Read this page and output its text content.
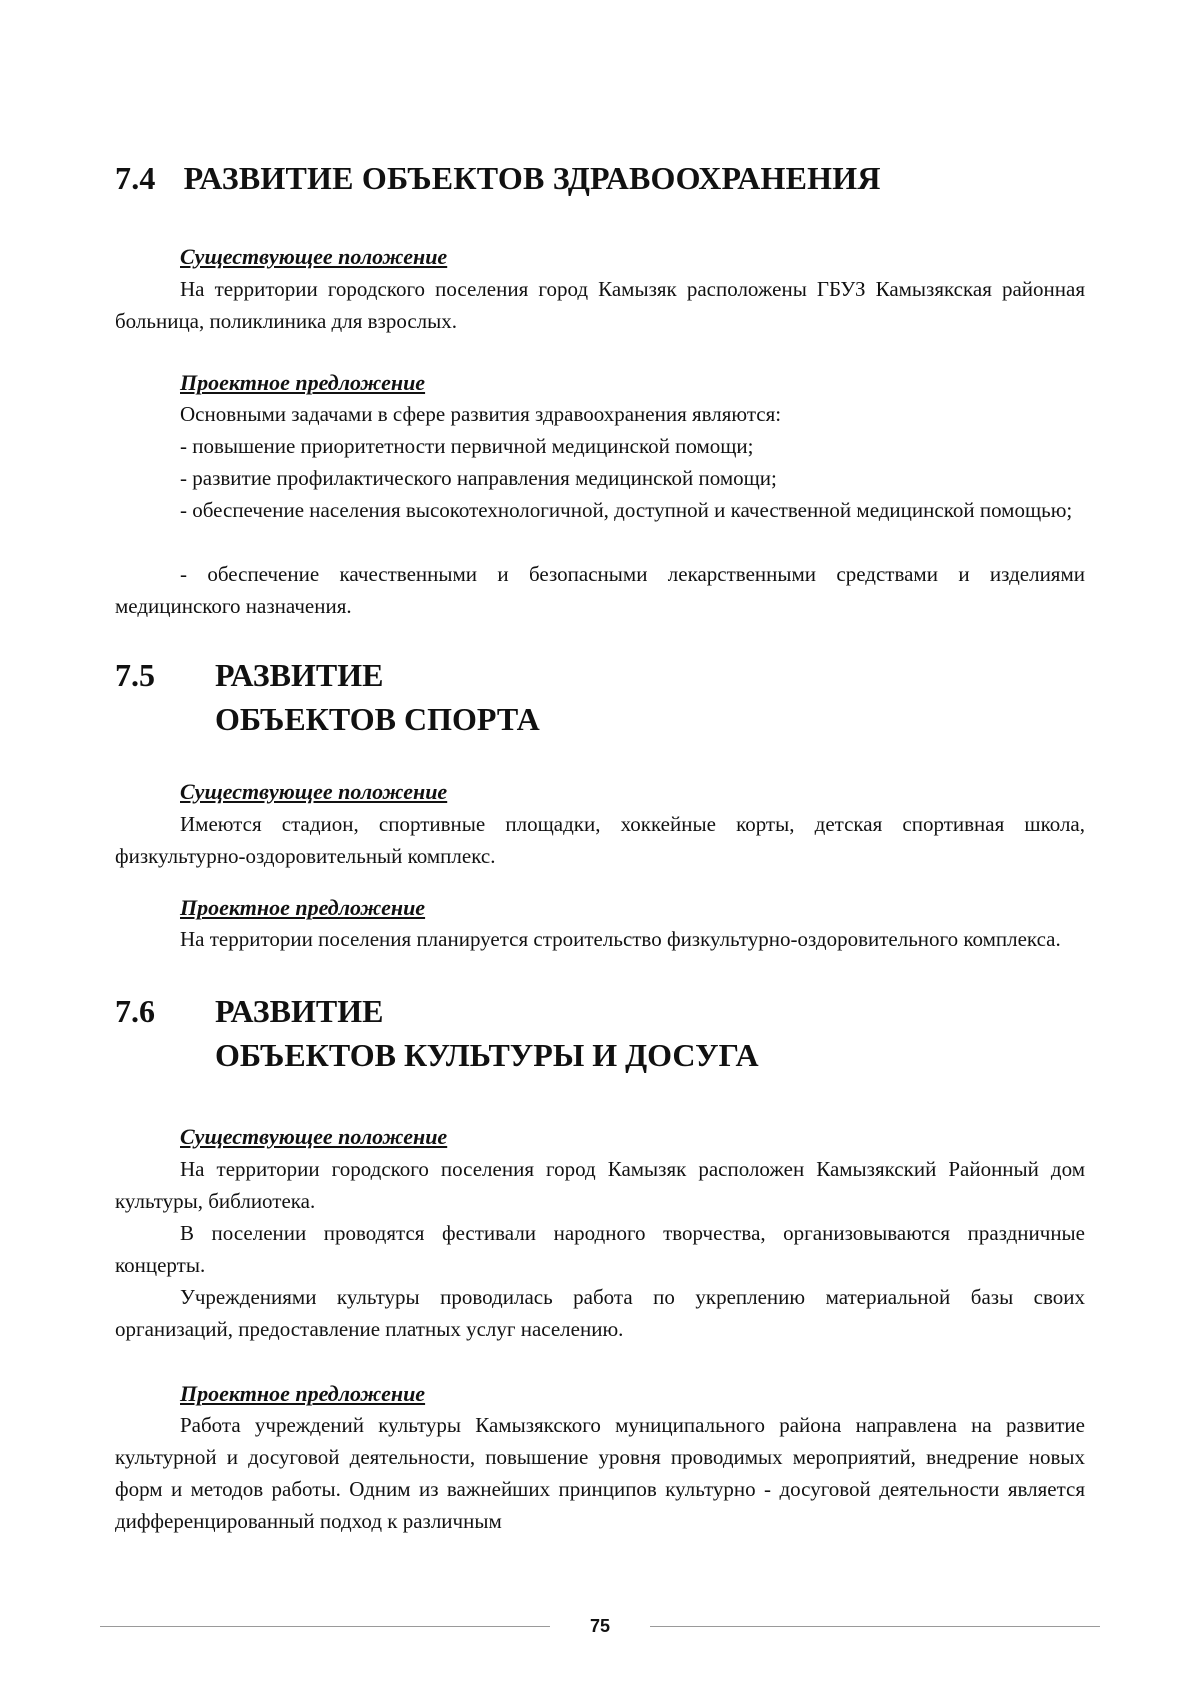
7.4 РАЗВИТИЕ ОБЪЕКТОВ ЗДРАВООХРАНЕНИЯ
Существующее положение
На территории городского поселения город Камызяк расположены ГБУЗ Камызякская районная больница, поликлиника для взрослых.
Проектное предложение
Основными задачами в сфере развития здравоохранения являются:
- повышение приоритетности первичной медицинской помощи;
- развитие профилактического направления медицинской помощи;
- обеспечение населения высокотехнологичной, доступной и качественной медицинской помощью;
- обеспечение качественными и безопасными лекарственными средствами и изделиями медицинского назначения.
7.5 РАЗВИТИЕ
ОБЪЕКТОВ СПОРТА
Существующее положение
Имеются стадион, спортивные площадки, хоккейные корты, детская спортивная школа, физкультурно-оздоровительный комплекс.
Проектное предложение
На территории поселения планируется строительство физкультурно-оздоровительного комплекса.
7.6 РАЗВИТИЕ
ОБЪЕКТОВ КУЛЬТУРЫ И ДОСУГА
Существующее положение
На территории городского поселения город Камызяк расположен Камызякский Районный дом культуры, библиотека.
В поселении проводятся фестивали народного творчества, организовываются праздничные концерты.
Учреждениями культуры проводилась работа по укреплению материальной базы своих организаций, предоставление платных услуг населению.
Проектное предложение
Работа учреждений культуры Камызякского муниципального района направлена на развитие культурной и досуговой деятельности, повышение уровня проводимых мероприятий, внедрение новых форм и методов работы. Одним из важнейших принципов культурно - досуговой деятельности является дифференцированный подход к различным
75
